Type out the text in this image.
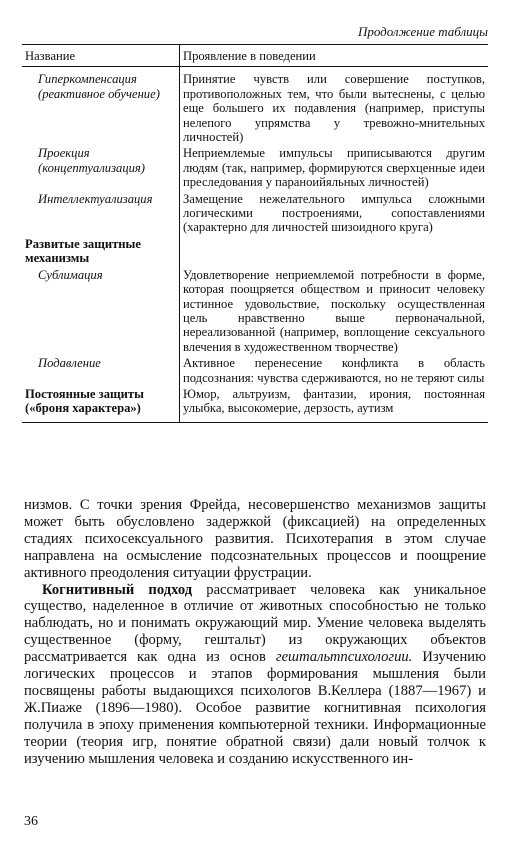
Продолжение таблицы
Название	Проявление в поведении
Гиперкомпенсация (реактивное обучение)	Принятие чувств или совершение поступков, противоположных тем, что были вытеснены, с целью еще большего их подавления (например, приступы нелепого упрямства у тревожно-мнительных личностей)
Проекция (концептуализация)	Неприемлемые импульсы приписываются другим людям (так, например, формируются сверхценные идеи преследования у параноийяльных личностей)
Интеллектуализация	Замещение нежелательного импульса сложными логическими построениями, сопоставлениями (характерно для личностей шизоидного круга)
Развитые защитные механизмы	

Сублимация	Удовлетворение неприемлемой потребности в форме, которая поощряется обществом и приносит человеку истинное удовольствие, поскольку осуществленная цель нравственно выше первоначальной, нереализованной (например, воплощение сексуального влечения в художественном творчестве)
Подавление	Активное перенесение конфликта в область подсознания: чувства сдерживаются, но не теряют силы
Постоянные защиты («броня характера»)	Юмор, альтруизм, фантазии, ирония, постоянная улыбка, высокомерие, дерзость, аутизм

низмов. С точки зрения Фрейда, несовершенство механизмов защиты может быть обусловлено задержкой (фиксацией) на определенных стадиях психосексуального развития. Психотерапия в этом случае направлена на осмысление подсознательных процессов и поощрение активного преодоления ситуации фрустрации.

Когнитивный подход рассматривает человека как уникальное существо, наделенное в отличие от животных способностью не только наблюдать, но и понимать окружающий мир. Умение человека выделять существенное (форму, гештальт) из окружающих объектов рассматривается как одна из основ гештальтпсихологии. Изучению логических процессов и этапов формирования мышления были посвящены работы выдающихся психологов В.Келлера (1887—1967) и Ж.Пиаже (1896—1980). Особое развитие когнитивная психология получила в эпоху применения компьютерной техники. Информационные теории (теория игр, понятие обратной связи) дали новый толчок к изучению мышления человека и созданию искусственного ин-

36
